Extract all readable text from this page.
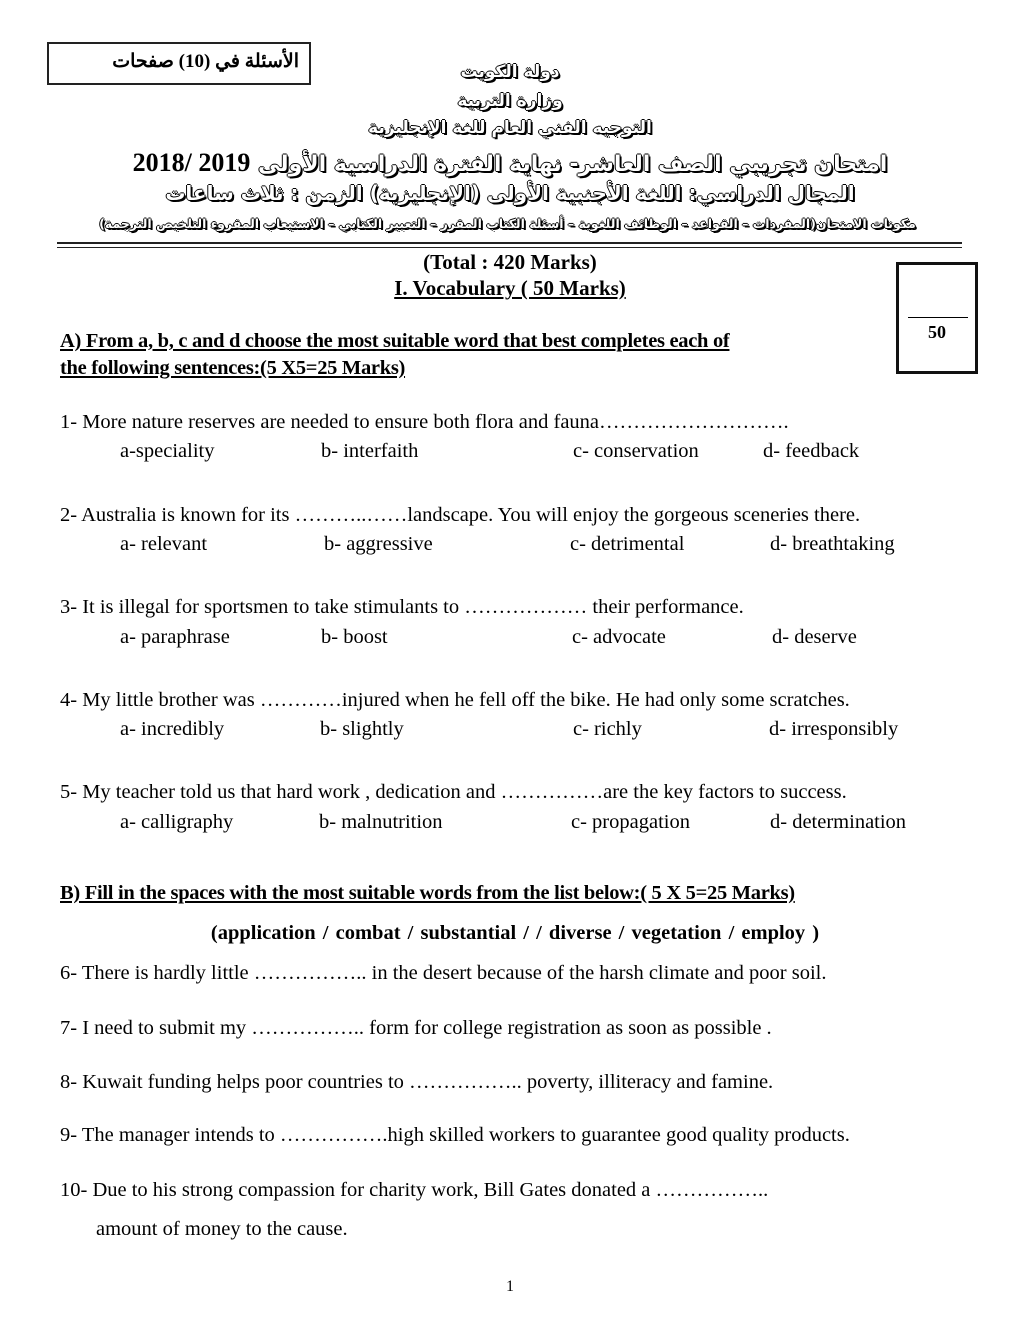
الأسئلة في (10) صفحات	دولة الكويت
وزارة التربية
التوجيه الفني العام للغة الإنجليزية
امتحان تجريبي الصف العاشر- نهاية الفترة الدراسية الأولى 2019 /2018
المجال الدراسي: اللغة الأجنبية الأولى (الإنجليزية) الزمن : ثلاث ساعات
مكونات الامتحان(المفردات – القواعد – الوظائف اللغوية – أسئلة الكتاب المقرر – التعبير الكتابي – الاستيعاب المقروء التلخيص الترجمة)
(Total : 420 Marks)
I. Vocabulary ( 50 Marks)
50
A) From a, b, c and d choose the most suitable word that best completes each of
the following sentences:(5 X5=25 Marks)
1- More nature reserves are needed to ensure both flora and fauna……………………….
a-speciality	b- interfaith	c- conservation	d- feedback
2- Australia is known for its ………..……landscape. You will enjoy the gorgeous sceneries there.
a- relevant	b- aggressive	c- detrimental	d- breathtaking
3- It is illegal for sportsmen to take stimulants to ……………… their performance.
a- paraphrase	b- boost	c- advocate	d- deserve
4- My little brother was …………injured when he fell off the bike. He had only some scratches.
a- incredibly	b- slightly	c- richly	d- irresponsibly
5- My teacher told us that hard work , dedication and ……………are the key factors to success.
a- calligraphy	b- malnutrition	c- propagation	d- determination
B) Fill in the spaces with the most suitable words from the list below:( 5 X 5=25 Marks)
(application / combat / substantial / / diverse / vegetation / employ )
6- There is hardly little …………….. in the desert because of the harsh climate and poor soil.
7- I need to submit my …………….. form for college registration as soon as possible .
8- Kuwait funding helps poor countries to …………….. poverty, illiteracy and famine.
9- The manager intends to …………….high skilled workers to guarantee good quality products.
10- Due to his strong compassion for charity work, Bill Gates donated a ……………..
amount of money to the cause.
1
